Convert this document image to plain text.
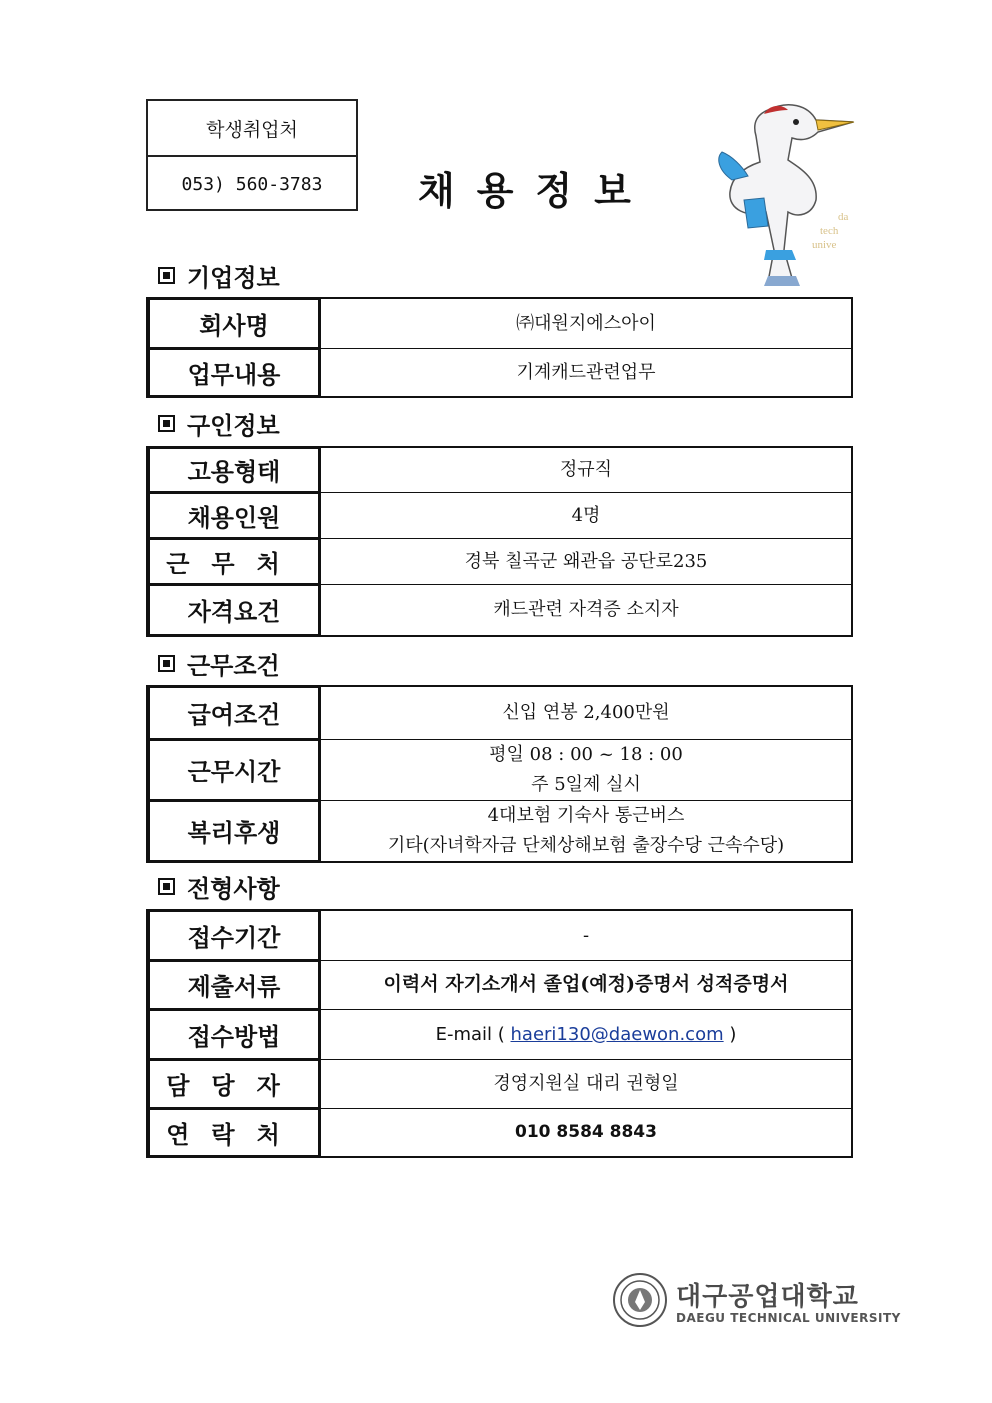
학생취업처
053) 560-3783	채용정보
da
tech
unive
기업정보
회사명	㈜대원지에스아이
업무내용	기계캐드관련업무
구인정보
고용형태	정규직
채용인원	4명
근무처	경북 칠곡군 왜관읍 공단로235
자격요건	캐드관련 자격증 소지자
근무조건
급여조건	신입 연봉 2,400만원
근무시간	평일 08 : 00 ~ 18 : 00
주 5일제 실시

복리후생	4대보험 기숙사 통근버스
기타(자녀학자금 단체상해보험 출장수당 근속수당)
전형사항
접수기간	-
제출서류	이력서 자기소개서 졸업(예정)증명서 성적증명서
접수방법	E-mail ( haeri130@daewon.com )
담당자	경영지원실 대리 권형일
연락처	010 8584 8843
대구공업대학교
DAEGU TECHNICAL UNIVERSITY
